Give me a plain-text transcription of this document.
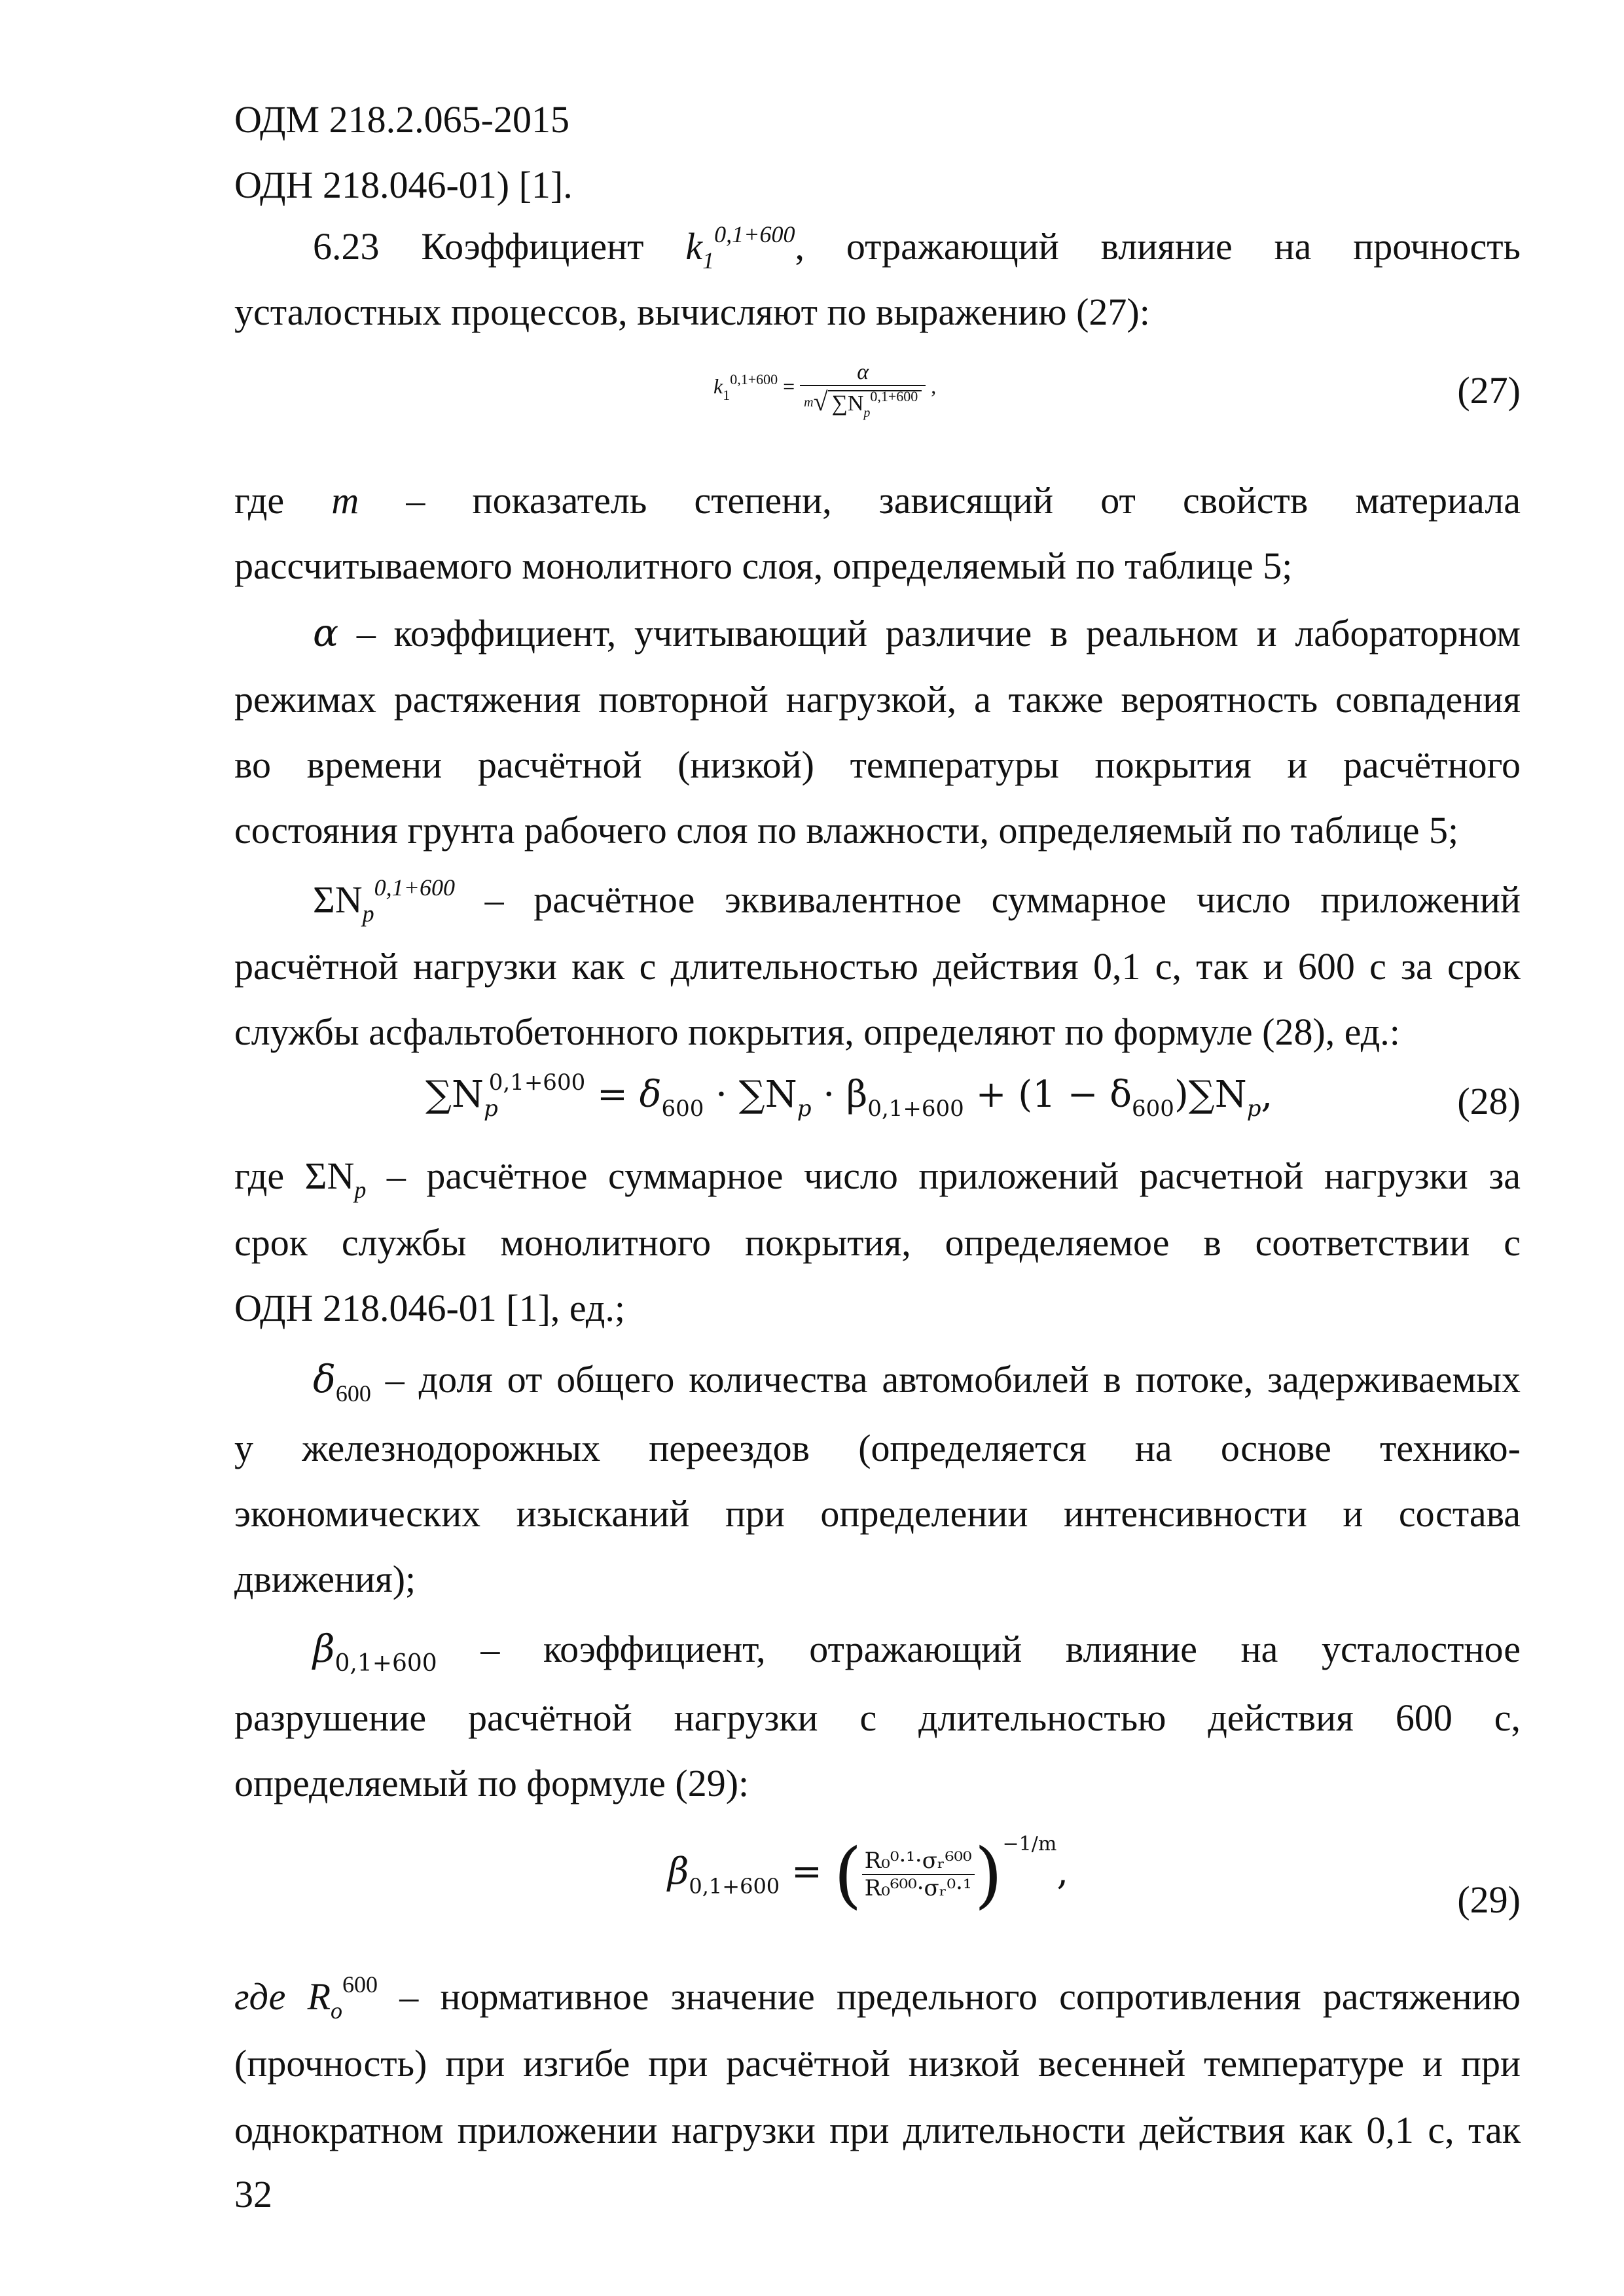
ОДМ 218.2.065-2015
ОДН 218.046-01) [1].
6.23 Коэффициент $k_1^{0,1+600}$, отражающий влияние на прочность
усталостных процессов, вычисляют по выражению (27):
$k_1^{0,1+600} = \frac{\alpha}{m√ \sum N_p^{0,1+600}}$ ,	(27)
где m – показатель степени, зависящий от свойств материала
рассчитываемого монолитного слоя, определяемый по таблице 5;
α – коэффициент, учитывающий различие в реальном и лабораторном
режимах растяжения повторной нагрузкой, а также вероятность совпадения
во времени расчётной (низкой) температуры покрытия и расчётного
состояния грунта рабочего слоя по влажности, определяемый по таблице 5;
$\Sigma N_p^{0,1+600}$ – расчётное эквивалентное суммарное число приложений
расчётной нагрузки как с длительностью действия 0,1 с, так и 600 с за срок
службы асфальтобетонного покрытия, определяют по формуле (28), ед.:
$\sum N_p^{0,1+600} = \delta_{600} \cdot \sum N_p \cdot \beta_{0,1+600} + (1 - \delta_{600})\sum N_p$,	(28)
где $\Sigma N_p$ – расчётное суммарное число приложений расчетной нагрузки за
срок службы монолитного покрытия, определяемое в соответствии с
ОДН 218.046-01 [1], ед.;
$\delta_{600}$ – доля от общего количества автомобилей в потоке, задерживаемых
у железнодорожных переездов (определяется на основе технико-
экономических изысканий при определении интенсивности и состава
движения);
$\beta_{0,1+600}$ – коэффициент, отражающий влияние на усталостное
разрушение расчётной нагрузки с длительностью действия 600 с,
определяемый по формуле (29):
$\beta_{0,1+600}$ = ( $\frac{\text{R₀⁰·¹·σᵣ⁶⁰⁰}}{\text{R₀⁶⁰⁰·σᵣ⁰·¹}} )^{-1/m}$,
(29)
где $R_o^{600}$ – нормативное значение предельного сопротивления растяжению
(прочность) при изгибе при расчётной низкой весенней температуре и при
однократном приложении нагрузки при длительности действия как 0,1 с, так
32
